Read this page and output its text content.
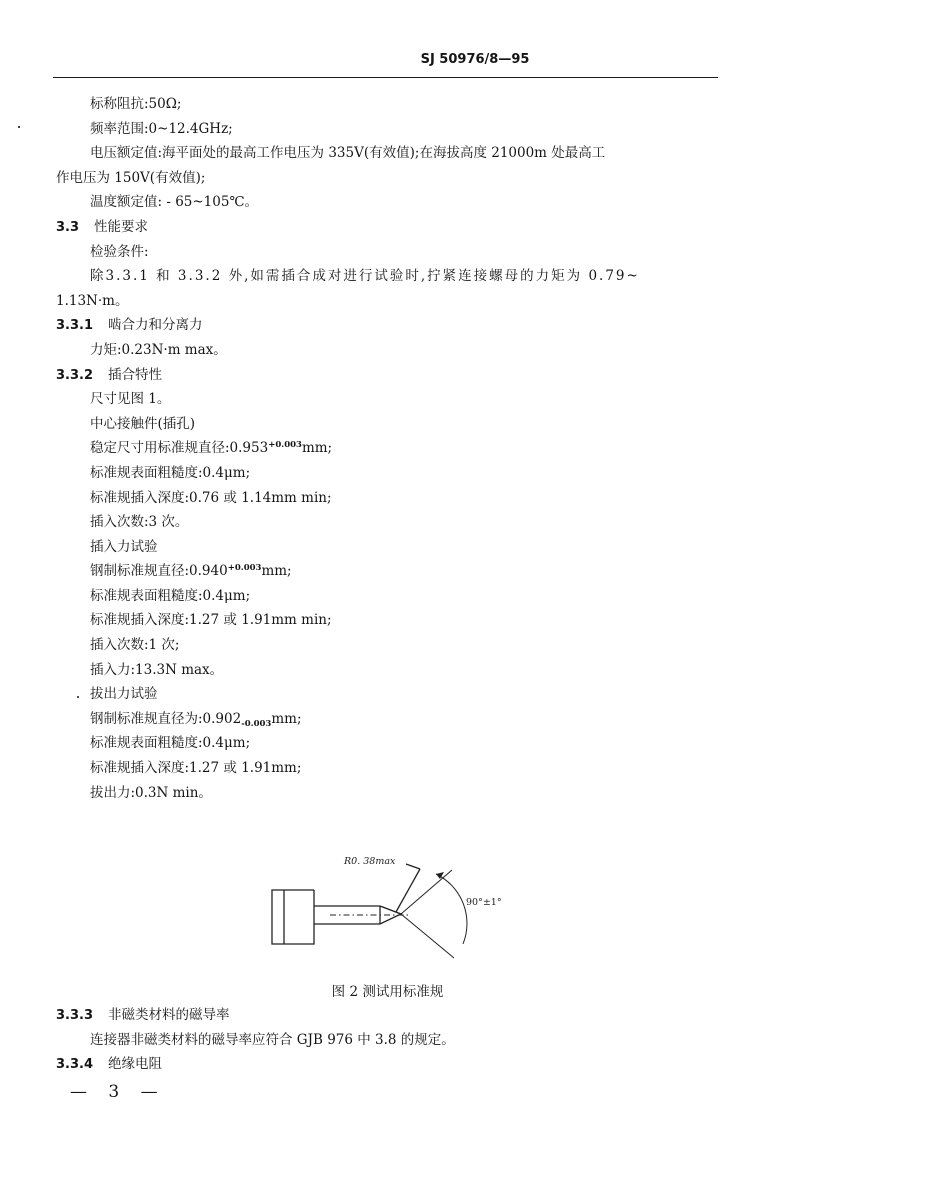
SJ 50976/8—95
标称阻抗:50Ω;
频率范围:0~12.4GHz;
电压额定值:海平面处的最高工作电压为 335V(有效值);在海拔高度 21000m 处最高工
作电压为 150V(有效值);
温度额定值: - 65~105℃。
3.3 性能要求
检验条件:
除3.3.1 和 3.3.2 外,如需插合成对进行试验时,拧紧连接螺母的力矩为 0.79~
1.13N·m。
3.3.1 啮合力和分离力
力矩:0.23N·m max。
3.3.2 插合特性
尺寸见图 1。
中心接触件(插孔)
稳定尺寸用标准规直径$:0.953^{+0.003}mm$;
标准规表面粗糙度:0.4μm;
标准规插入深度:0.76 或 1.14mm min;
插入次数:3 次。
插入力试验
钢制标准规直径$:0.940^{+0.003}mm$;
标准规表面粗糙度:0.4μm;
标准规插入深度:1.27 或 1.91mm min;
插入次数:1 次;
插入力:13.3N max。
拔出力试验
钢制标准规直径为$:0.902_{-0.003}mm$;
标准规表面粗糙度:0.4μm;
标准规插入深度:1.27 或 1.91mm;
拔出力:0.3N min。
R0. 38max
90°±1°
图 2 测试用标准规
3.3.3 非磁类材料的磁导率
连接器非磁类材料的磁导率应符合 GJB 976 中 3.8 的规定。
3.3.4 绝缘电阻
— 3 —
